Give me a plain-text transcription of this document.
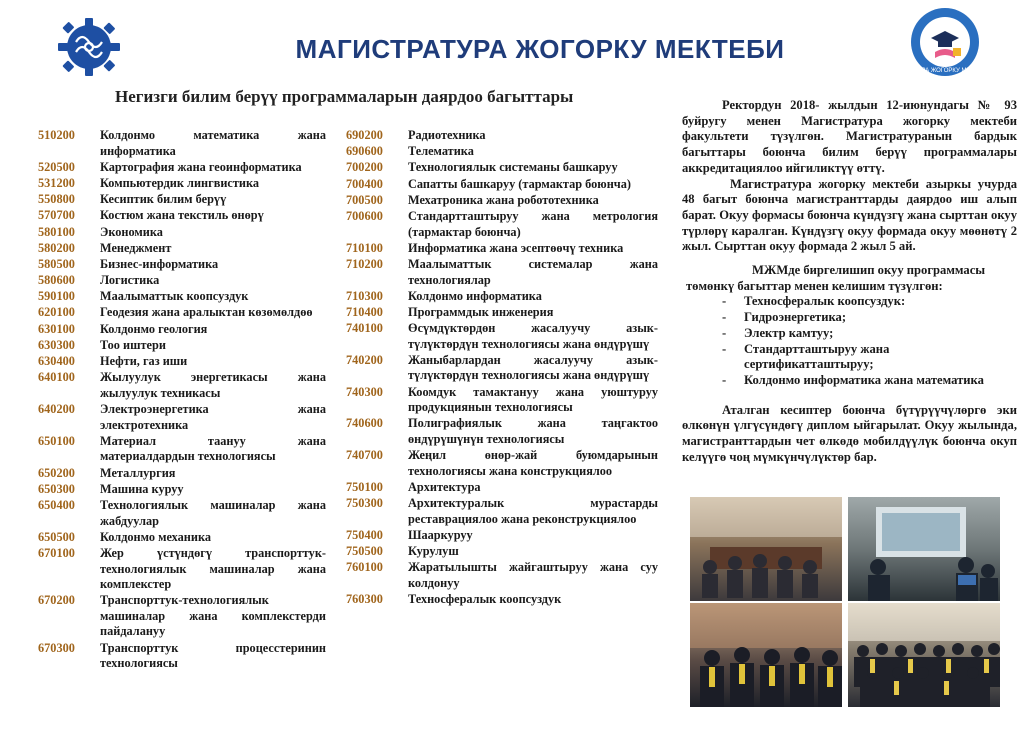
МАГИСТРАТУРА ЖОГОРКУ МЕКТЕБИ
МАГИСТРАТУРА ЖОГОРКУ МЕКТЕБИ КМТУ
Негизги билим берүү программаларын даярдоо багыттары
510200	Колдонмо математика жана информатика
520500	Картография жана геоинформатика
531200	Компьютердик лингвистика
550800	Кесиптик билим берүү
570700	Костюм жана текстиль өнөрү
580100	Экономика
580200	Менеджмент
580500	Бизнес-информатика
580600	Логистика
590100	Маалыматтык коопсуздук
620100	Геодезия жана аралыктан көзөмөлдөө
630100	Колдонмо геология
630300	Тоо иштери
630400	Нефти, газ иши
640100	Жылуулук энергетикасы жана жылуулук техникасы
640200	Электроэнергетика жана электротехника
650100	Материал таануу жана материалдардын технологиясы
650200	Металлургия
650300	Машина куруу
650400	Технологиялык машиналар жана жабдуулар
650500	Колдонмо механика
670100	Жер үстүндөгү транспорттук-технологиялык машиналар жана комплекстер
670200	Транспорттук-технологиялык машиналар жана комплекстерди пайдалануу
670300	Транспорттук процесстеринин технологиясы
690200	Радиотехника
690600	Телематика
700200	Технологиялык системаны башкаруу
700400	Сапатты башкаруу (тармактар боюнча)
700500	Мехатроника жана робототехника
700600	Стандартташтыруу жана метрология (тармактар боюнча)
710100	Информатика жана эсептөөчү техника
710200	Маалыматтык системалар жана технологиялар
710300	Колдонмо информатика
710400	Программдык инженерия
740100	Өсүмдүктөрдөн жасалуучу азык-түлүктөрдүн технологиясы жана өндүрүшү
740200	Жаныбарлардан жасалуучу азык-түлүктөрдүн технологиясы жана өндүрүшү
740300	Коомдук тамактануу жана уюштуруу продукциянын технологиясы
740600	Полиграфиялык жана таңгактоо өндүрүшүнүн технологиясы
740700	Жеңил өнөр-жай буюмдарынын технологиясы жана конструкциялоо
750100	Архитектура
750300	Архитектуралык мурастарды реставрациялоо жана реконструкциялоо
750400	Шааркуруу
750500	Курулуш
760100	Жаратылышты жайгаштыруу жана суу колдонуу
760300	Техносфералык коопсуздук

Ректордун 2018- жылдын 12-июнундагы № 93 буйругу менен Магистратура жогорку мектеби факультети түзүлгөн. Магистратуранын бардык багыттары боюнча билим берүү программалары аккредитациялоо ийгиликтүү өттү.

Магистратура жогорку мектеби азыркы учурда 48 багыт боюнча магистранттарды даярдоо иш алып барат. Окуу формасы боюнча күндүзгү жана сырттан окуу түрлөрү каралган. Күндүзгү окуу формада окуу мөөнөтү 2 жыл. Сырттан окуу формада 2 жыл 5 ай.

МЖМде биргелишип окуу программасы

төмөнкү багыттар менен келишим түзүлгөн:

- Техносфералык коопсуздук:
- Гидроэнергетика;
- Электр камтуу;
- Стандартташтыруу жана сертификатташтыруу;
- Колдонмо информатика жана математика

Аталган кесиптер боюнча бүтүрүүчүлөргө эки өлкөнүн үлгүсүндөгү диплом ыйгарылат. Окуу жылында, магистранттардын чет өлкөдө мобилдүүлүк боюнча окуп келүүгө чоң мүмкүнчүлүктөр бар.
